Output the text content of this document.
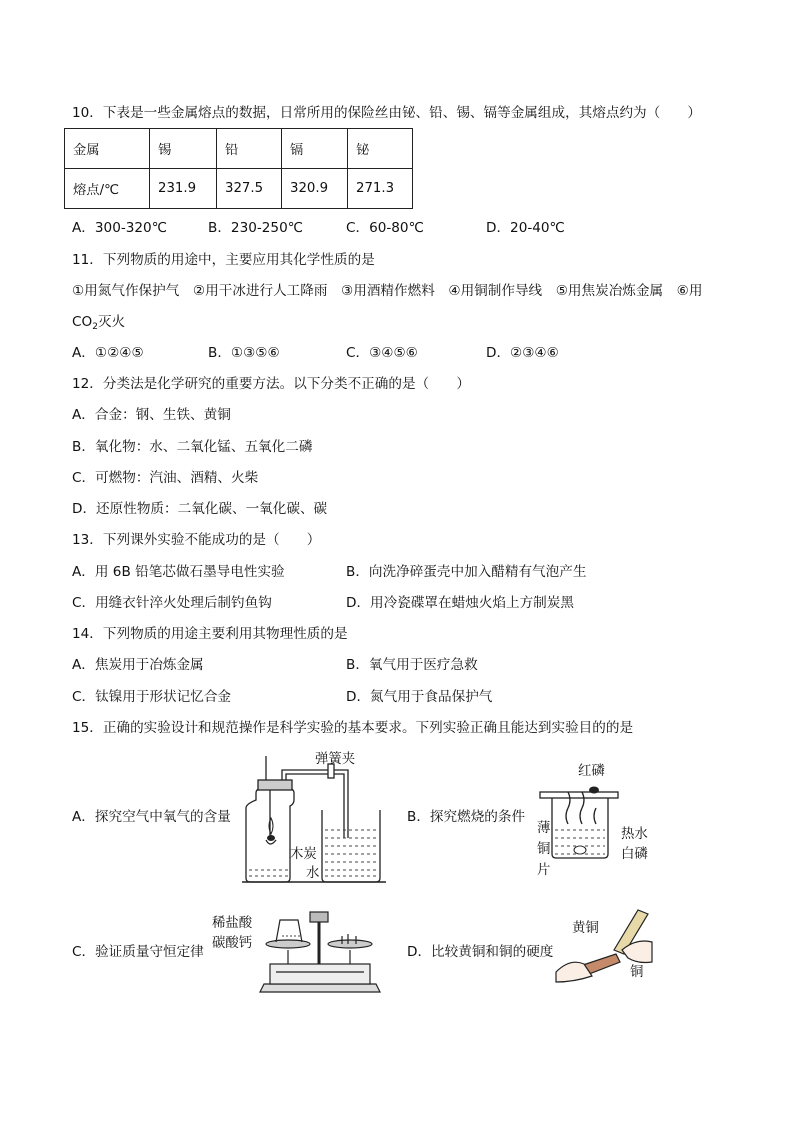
10．下表是一些金属熔点的数据，日常所用的保险丝由铋、铅、锡、镉等金属组成，其熔点约为（　　）
金属	锡	铅	镉	铋
熔点/℃	231.9	327.5	320.9	271.3
A．300-320℃	B．230-250℃	C．60-80℃	D．20-40℃
11．下列物质的用途中，主要应用其化学性质的是
①用氮气作保护气　②用干冰进行人工降雨　③用酒精作燃料　④用铜制作导线　⑤用焦炭冶炼金属　⑥用
$CO_2$灭火
A．①②④⑤	B．①③⑤⑥	C．③④⑤⑥	D．②③④⑥
12．分类法是化学研究的重要方法。以下分类不正确的是（　　）
A．合金：钢、生铁、黄铜
B．氧化物：水、二氧化锰、五氧化二磷
C．可燃物：汽油、酒精、火柴
D．还原性物质：二氧化碳、一氧化碳、碳
13．下列课外实验不能成功的是（　　）
A．用 6B 铅笔芯做石墨导电性实验	B．向洗净碎蛋壳中加入醋精有气泡产生
C．用缝衣针淬火处理后制钓鱼钩	D．用冷瓷碟罩在蜡烛火焰上方制炭黑
14．下列物质的用途主要利用其物理性质的是
A．焦炭用于冶炼金属	B．氧气用于医疗急救
C．钛镍用于形状记忆合金	D．氮气用于食品保护气
15．正确的实验设计和规范操作是科学实验的基本要求。下列实验正确且能达到实验目的的是
A．探究空气中氧气的含量	B．探究燃烧的条件
C．验证质量守恒定律	D．比较黄铜和铜的硬度
弹簧夹
木炭
水
红磷
薄
铜
片
热水
白磷
稀盐酸
碳酸钙
黄铜
铜
